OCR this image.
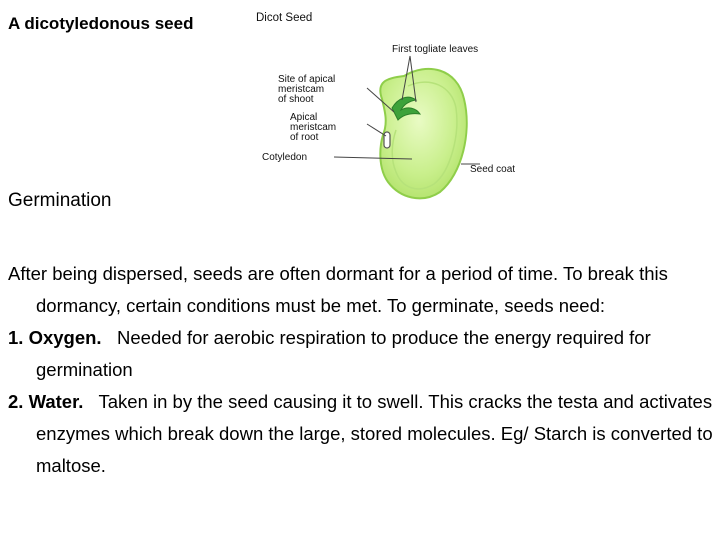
A dicotyledonous seed	Dicot Seed
First togliate leaves
Site of apical
meristcam
of shoot
Apical
meristcam
of root
Cotyledon
Seed coat
Germination

After being dispersed, seeds are often dormant for a period of time. To break this dormancy, certain conditions must be met. To germinate, seeds need:

1. Oxygen. Needed for aerobic respiration to produce the energy required for germination

2. Water. Taken in by the seed causing it to swell. This cracks the testa and activates enzymes which break down the large, stored molecules. Eg/ Starch is converted to maltose.
